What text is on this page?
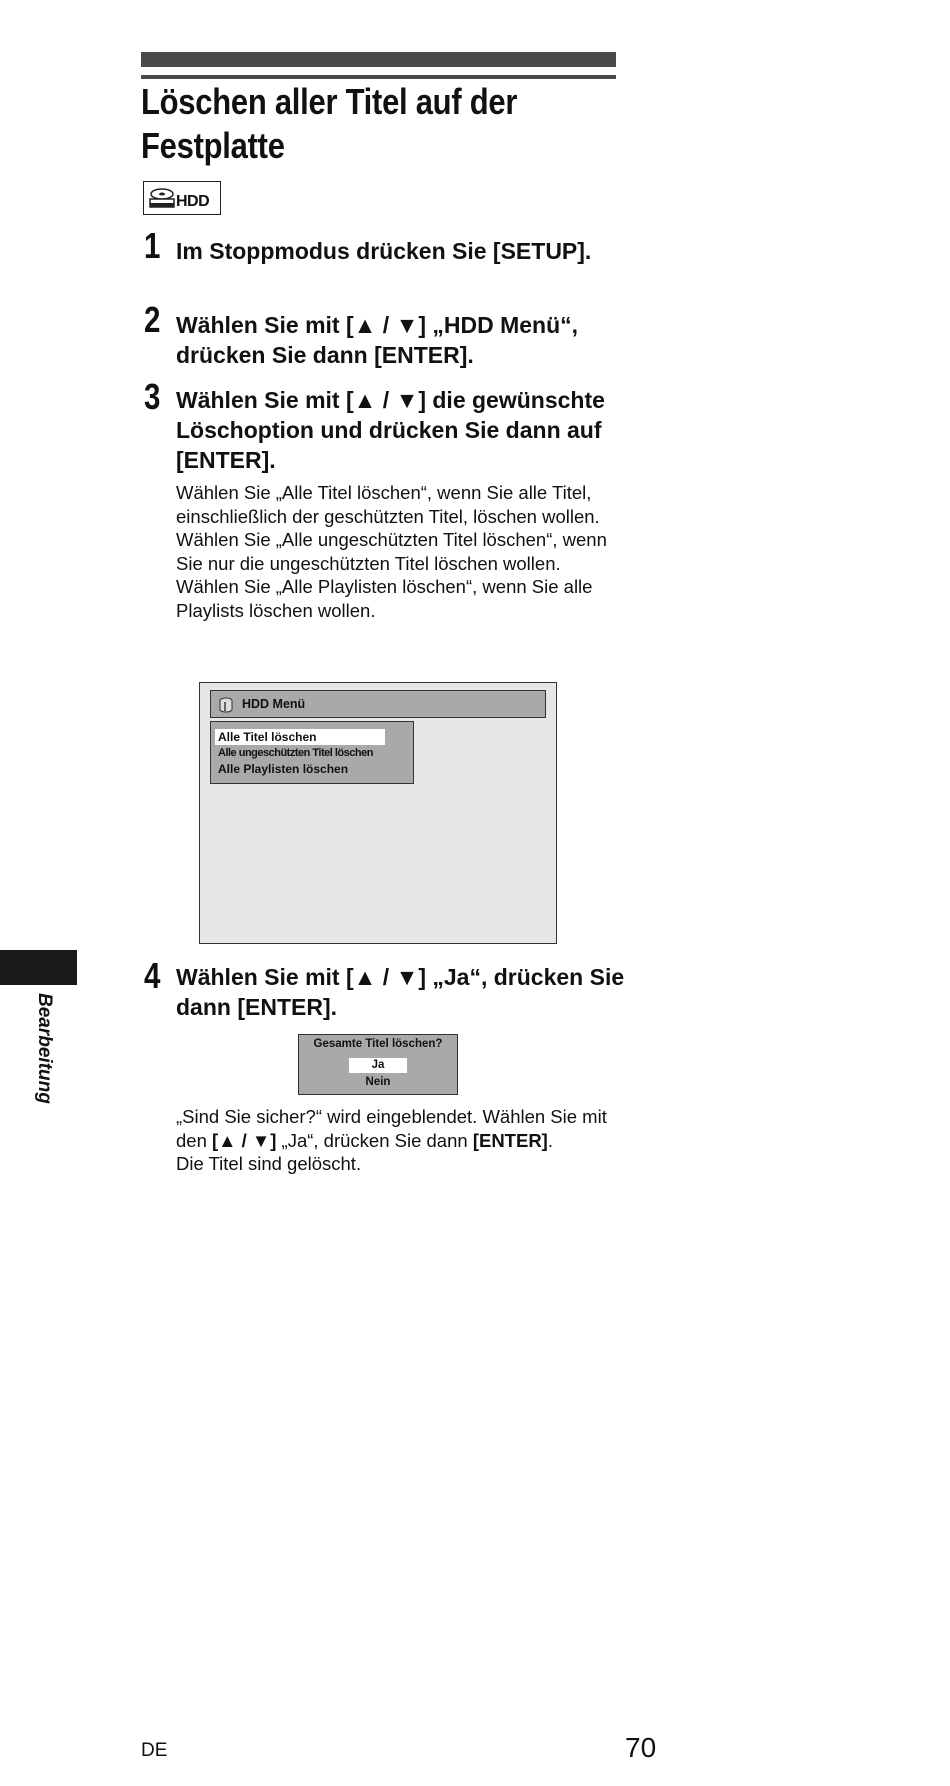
Löschen aller Titel auf der Festplatte
HDD
1 Im Stoppmodus drücken Sie [SETUP].
2 Wählen Sie mit [▲ / ▼] „HDD Menü“, drücken Sie dann [ENTER].
3 Wählen Sie mit [▲ / ▼] die gewünschte Löschoption und drücken Sie dann auf [ENTER].
Wählen Sie „Alle Titel löschen“, wenn Sie alle Titel, einschließlich der geschützten Titel, löschen wollen.
Wählen Sie „Alle ungeschützten Titel löschen“, wenn Sie nur die ungeschützten Titel löschen wollen.
Wählen Sie „Alle Playlisten löschen“, wenn Sie alle Playlists löschen wollen.
HDD Menü
Alle Titel löschen
Alle ungeschützten Titel löschen
Alle Playlisten löschen
4 Wählen Sie mit [▲ / ▼] „Ja“, drücken Sie dann [ENTER].
Gesamte Titel löschen?
Ja
Nein
„Sind Sie sicher?“ wird eingeblendet. Wählen Sie mit den [▲ / ▼] „Ja“, drücken Sie dann [ENTER].
Die Titel sind gelöscht.
Bearbeitung
DE	70
